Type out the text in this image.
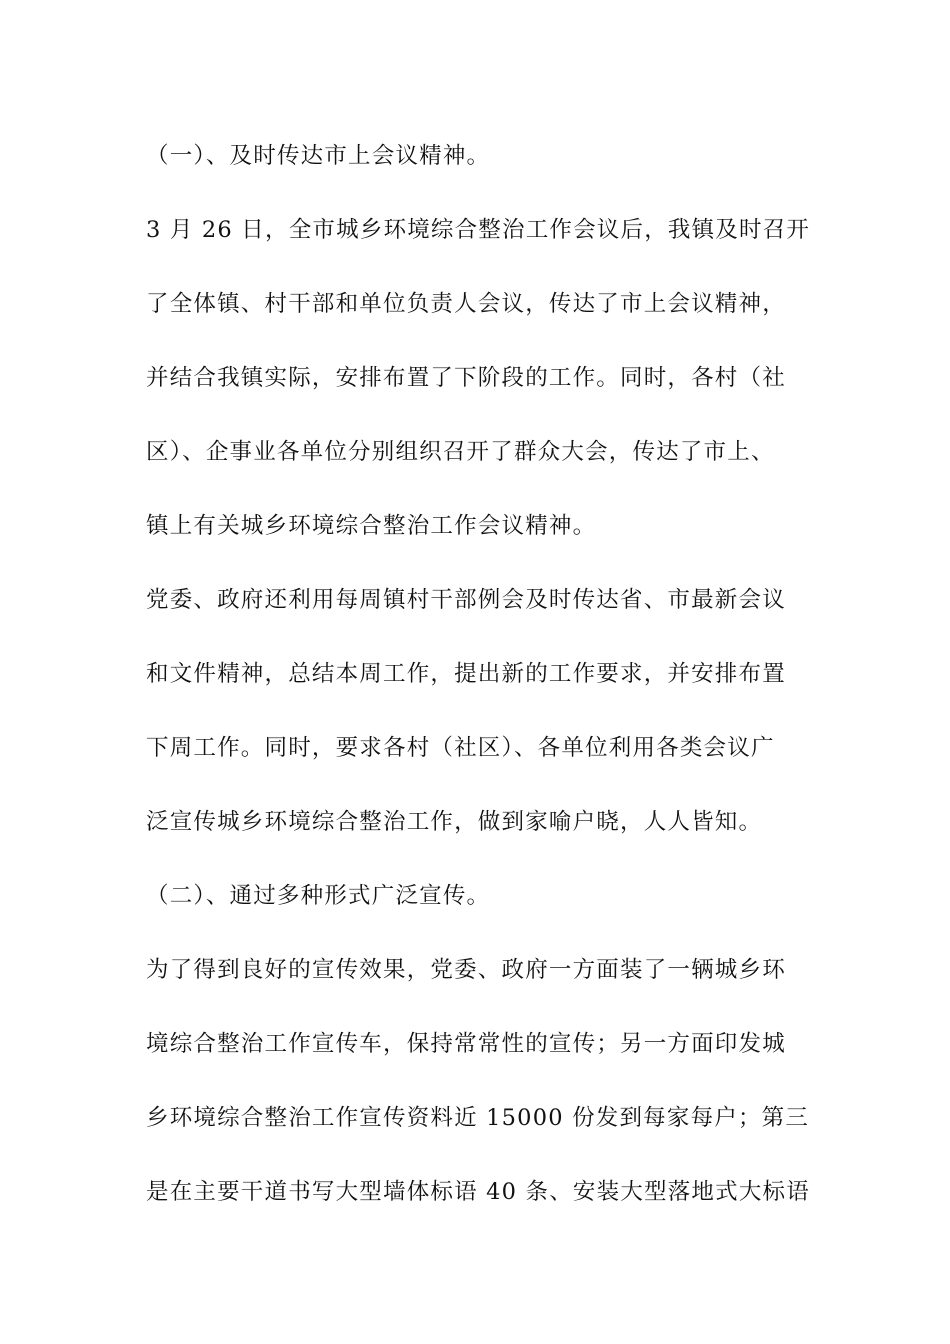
（一）、及时传达市上会议精神。
3 月 26 日，全市城乡环境综合整治工作会议后，我镇及时召开
了全体镇、村干部和单位负责人会议，传达了市上会议精神，
并结合我镇实际，安排布置了下阶段的工作。同时，各村（社
区）、企事业各单位分别组织召开了群众大会，传达了市上、
镇上有关城乡环境综合整治工作会议精神。
党委、政府还利用每周镇村干部例会及时传达省、市最新会议
和文件精神，总结本周工作，提出新的工作要求，并安排布置
下周工作。同时，要求各村（社区）、各单位利用各类会议广
泛宣传城乡环境综合整治工作，做到家喻户晓，人人皆知。
（二）、通过多种形式广泛宣传。
为了得到良好的宣传效果，党委、政府一方面装了一辆城乡环
境综合整治工作宣传车，保持常常性的宣传；另一方面印发城
乡环境综合整治工作宣传资料近 15000 份发到每家每户；第三
是在主要干道书写大型墙体标语 40 条、安装大型落地式大标语
